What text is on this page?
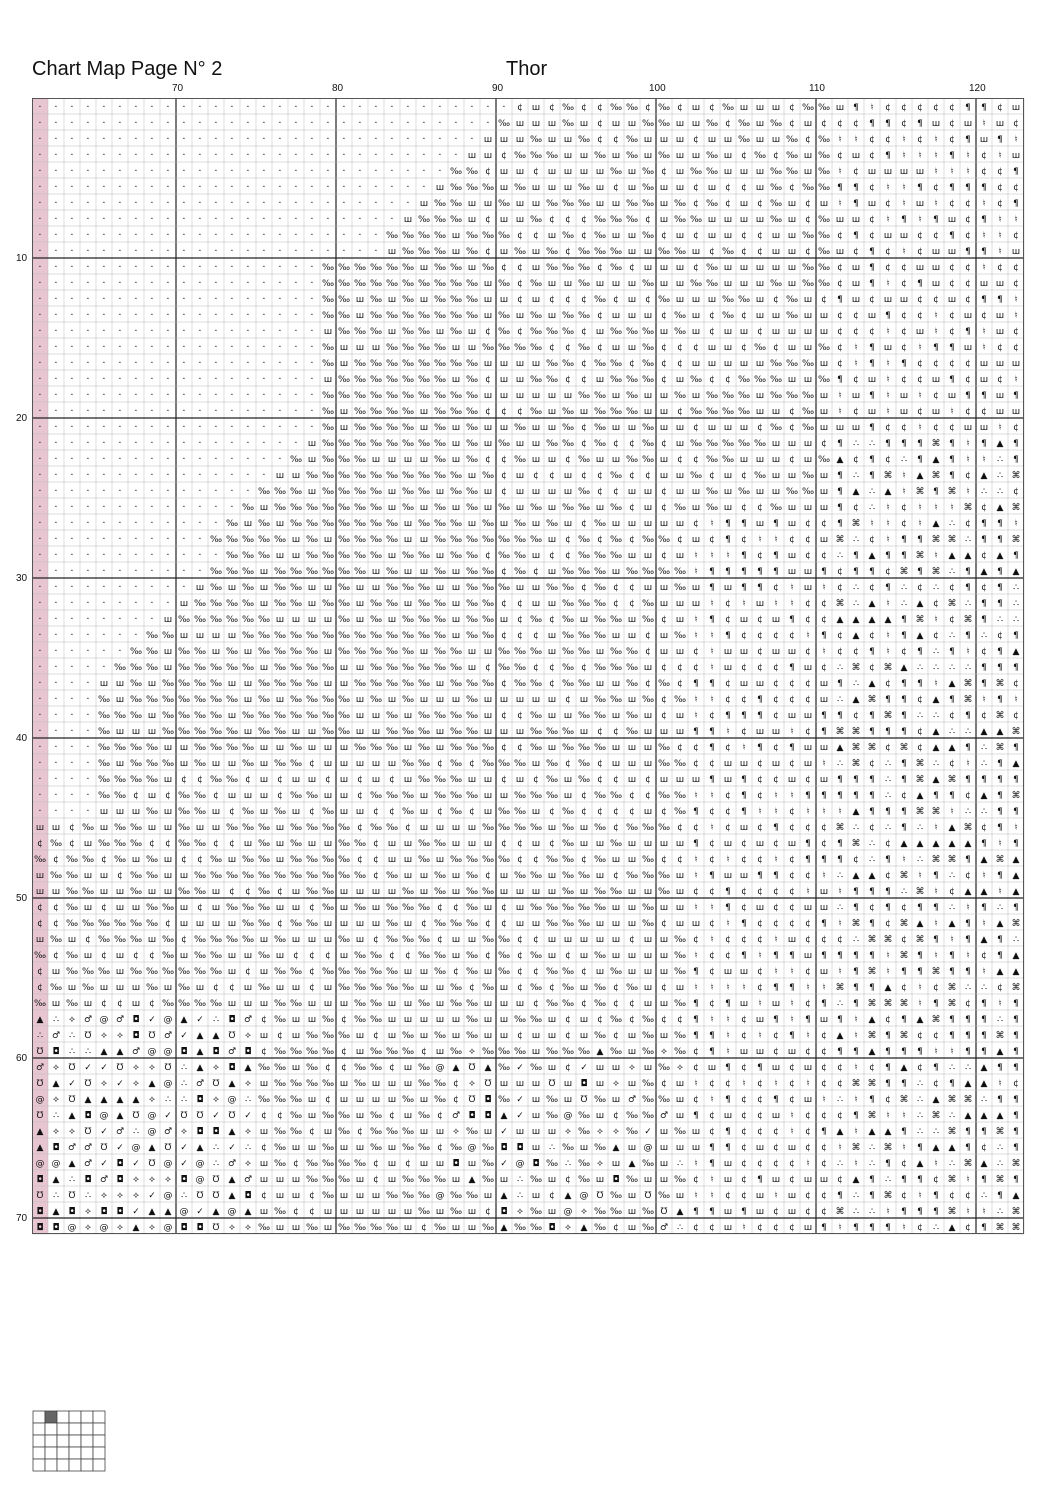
Chart Map Page N° 2	Thor
70	80	90	100	110	120
10
20
30
40
50
60
70
· · · · · · · · · · · · · · · · · · · · · · · · · · · · · · ¢ ш ¢ ‰ ¢ ¢ ‰ ‰ ¢ ‰ ¢ ш ¢ ‰ ш ш ш ¢ ‰ ‰ ш ¶ ♮ ¢ ¢ ¢ ¢ ¢ ¶ ¶ ¢ ш
· · · · · · · · · · · · · · · · · · · · · · · · · · · · · ‰ ш ш ш ‰ ш ¢ ш ш ‰ ‰ ш ш ‰ ¢ ‰ ш ‰ ¢ ш ¢ ¢ ¢ ¶ ¶ ¢ ¶ ш ¢ ш ♮ ш ¢
· · · · · · · · · · · · · · · · · · · · · · · · · · · · ш ш ш ‰ ш ш ‰ ¢ ¢ ‰ ш ш ш ¢ ш ш ‰ ш ш ‰ ¢ ‰ ♮ ♮ ¢ ¢ ♮ ¢ ♮ ¢ ¶ ш ¶ ♮
· · · · · · · · · · · · · · · · · · · · · · · · · · · ш ш ¢ ‰ ‰ ‰ ш ш ‰ ш ‰ ш ‰ ш ш ‰ ш ¢ ‰ ¢ ‰ ш ‰ ¢ ш ¢ ¶ ♮ ♮ ♮ ¶ ♮ ¢ ♮ ш
· · · · · · · · · · · · · · · · · · · · · · · · · · ‰ ‰ ¢ ш ш ¢ ш ш ш ш ‰ ш ‰ ¢ ш ‰ ‰ ш ш ш ‰ ‰ ш ‰ ♮ ¢ ш ш ш ш ♮ ♮ ♮ ¢ ¢ ¶
· · · · · · · · · · · · · · · · · · · · · · · · · ш ‰ ‰ ‰ ш ‰ ш ш ш ‰ ш ¢ ш ‰ ш ш ¢ ш ¢ ¢ ш ‰ ¢ ‰ ‰ ¶ ¶ ¢ ♮ ♮ ¶ ¢ ¶ ¶ ¶ ¢ ¢
· · · · · · · · · · · · · · · · · · · · · · · · ш ‰ ‰ ш ш ‰ ш ш ‰ ‰ ‰ ш ш ‰ ‰ ш ‰ ¢ ‰ ¢ ш ¢ ‰ ш ¢ ш ♮ ¶ ш ¢ ♮ ш ♮ ¢ ¢ ♮ ¢ ¶
· · · · · · · · · · · · · · · · · · · · · · · ш ‰ ‰ ‰ ш ¢ ш ш ‰ ¢ ¢ ¢ ‰ ‰ ‰ ¢ ш ‰ ‰ ш ш ш ш ‰ ш ¢ ‰ ш ш ¢ ♮ ¶ ♮ ¶ ш ¢ ¶ ♮ ♮
· · · · · · · · · · · · · · · · · · · · · · ‰ ‰ ‰ ‰ ш ‰ ‰ ‰ ¢ ¢ ш ‰ ¢ ‰ ш ш ‰ ¢ ш ¢ ш ш ¢ ¢ ш ш ‰ ‰ ¢ ¶ ¢ ш ш ¢ ¢ ¶ ¢ ♮ ♮ ¢
· · · · · · · · · · · · · · · · · · · · · · ш ‰ ‰ ‰ ш ‰ ¢ ш ‰ ш ‰ ¢ ‰ ‰ ‰ ш ш ‰ ‰ ш ¢ ‰ ¢ ¢ ш ш ¢ ‰ ш ¢ ¶ ¢ ♮ ¢ ш ш ¶ ¶ ♮ ш
· · · · · · · · · · · · · · · · · · ‰ ‰ ‰ ‰ ‰ ‰ ш ‰ ‰ ш ‰ ¢ ¢ ш ‰ ‰ ‰ ¢ ‰ ¢ ш ш ш ¢ ‰ ш ш ш ш ш ‰ ‰ ¢ ш ¶ ¢ ¢ ш ш ¢ ¢ ♮ ¢ ¢
· · · · · · · · · · · · · · · · · · ‰ ‰ ‰ ‰ ‰ ‰ ‰ ‰ ‰ ‰ ш ‰ ¢ ‰ ш ш ‰ ш ш ш ‰ ш ш ‰ ‰ ш ш ш ‰ ш ‰ ‰ ¢ ш ¶ ♮ ¢ ¶ ш ¢ ¢ ш ш ¢
· · · · · · · · · · · · · · · · · · ‰ ‰ ш ‰ ш ‰ ш ‰ ‰ ‰ ш ш ¢ ш ¢ ¢ ¢ ‰ ¢ ш ¢ ‰ ш ш ш ‰ ‰ ш ¢ ‰ ш ¢ ¶ ш ¢ ш ш ¢ ¢ ш ¢ ¶ ¶ ♮
· · · · · · · · · · · · · · · · · · ‰ ‰ ш ‰ ‰ ‰ ‰ ‰ ‰ ‰ ш ‰ ш ‰ ш ‰ ‰ ¢ ш ш ш ¢ ‰ ш ¢ ‰ ¢ ш ш ‰ ш ш ¢ ¢ ш ¶ ¢ ¢ ♮ ¢ ш ¢ ш ♮
· · · · · · · · · · · · · · · · · · ш ‰ ‰ ‰ ш ‰ ‰ ш ‰ ш ¢ ‰ ¢ ‰ ‰ ‰ ¢ ш ‰ ‰ ‰ ш ‰ ш ¢ ш ш ¢ ш ш ш ш ¢ ¢ ¢ ♮ ¢ ш ♮ ¢ ¶ ♮ ш ¢
· · · · · · · · · · · · · · · · · · ‰ ш ш ш ‰ ‰ ‰ ‰ ш ш ‰ ‰ ‰ ‰ ¢ ¢ ‰ ¢ ш ш ‰ ¢ ¢ ¢ ш ш ¢ ‰ ¢ ш ш ‰ ¢ ♮ ¶ ш ¢ ♮ ¶ ¶ ш ♮ ¢ ¢
· · · · · · · · · · · · · · · · · · ‰ ш ‰ ‰ ‰ ‰ ‰ ‰ ‰ ‰ ш ш ш ш ‰ ‰ ¢ ‰ ‰ ¢ ‰ ¢ ¢ ш ш ш ш ш ‰ ‰ ‰ ш ¢ ♮ ¶ ♮ ¶ ¢ ¢ ¢ ¢ ш ш ш
· · · · · · · · · · · · · · · · · · ш ‰ ‰ ‰ ‰ ‰ ‰ ‰ ш ‰ ¢ ш ш ‰ ‰ ¢ ¢ ш ‰ ‰ ‰ ¢ ш ‰ ¢ ¢ ‰ ‰ ‰ ш ш ‰ ¶ ¢ ш ♮ ¢ ¢ ш ¶ ¢ ш ¢ ♮
· · · · · · · · · · · · · · · · · · ‰ ‰ ‰ ‰ ‰ ‰ ‰ ‰ ‰ ‰ ш ш ш ш ш ш ‰ ‰ ш ‰ ш ш ‰ ш ‰ ‰ ‰ ш ‰ ‰ ‰ ш ♮ ш ¶ ♮ ш ♮ ¢ ш ¶ ¶ ш ¶
· · · · · · · · · · · · · · · · · · ‰ ш ‰ ‰ ‰ ‰ ш ‰ ‰ ‰ ¢ ¢ ¢ ‰ ш ‰ ш ‰ ‰ ‰ ш ш ¢ ‰ ‰ ‰ ‰ ш ш ¢ ‰ ш ♮ ¢ ш ♮ ш ¢ ш ♮ ¢ ¢ ш ш
· · · · · · · · · · · · · · · · · · ‰ ш ‰ ‰ ‰ ‰ ш ‰ ш ‰ ш ш ‰ ш ш ‰ ¢ ‰ ш ш ‰ ш ш ¢ ш ш ш ¢ ‰ ¢ ‰ ш ш ш ¶ ¢ ¢ ♮ ¢ ¢ ш ш ♮ ¢
· · · · · · · · · · · · · · · · · ш ‰ ‰ ‰ ‰ ‰ ‰ ‰ ‰ ш ‰ ш ‰ ш ш ‰ ‰ ¢ ‰ ¢ ¢ ‰ ¢ ш ‰ ‰ ‰ ‰ ‰ ш ш ш ¢ ¶ ∴ ∴ ¶ ¶ ¶ ⌘ ¶ ♮ ¶ ▲ ¶
· · · · · · · · · · · · · · · · ‰ ш ‰ ‰ ‰ ш ш ш ш ‰ ш ‰ ¢ ¢ ‰ ш ш ¢ ‰ ш ш ‰ ‰ ш ¢ ¢ ‰ ‰ ш ш ш ¢ ш ‰ ▲ ¢ ¶ ¢ ∴ ¶ ▲ ¶ ♮ ♮ ∴ ¶
· · · · · · · · · · · · · · · ш ш ‰ ‰ ‰ ‰ ‰ ‰ ‰ ‰ ‰ ‰ ш ‰ ¢ ш ¢ ¢ ш ¢ ¢ ‰ ¢ ¢ ш ш ‰ ¢ ш ¢ ‰ ш ш ‰ ш ¶ ∴ ¶ ⌘ ♮ ▲ ⌘ ¶ ¢ ▲ ∴ ⌘
· · · · · · · · · · · · · · ‰ ‰ ‰ ш ‰ ‰ ‰ ‰ ш ‰ ‰ ш ‰ ‰ ш ¢ ш ш ш ш ‰ ¢ ¢ ш ш ¢ ш ш ‰ ш ‰ ш ш ‰ ‰ ш ¶ ▲ ∴ ▲ ♮ ⌘ ¶ ⌘ ♮ ∴ ∴ ¢
· · · · · · · · · · · · · ‰ ш ‰ ‰ ‰ ‰ ‰ ‰ ‰ ш ‰ ш ‰ ш ‰ ш ‰ ш ‰ ш ‰ ‰ ш ‰ ¢ ш ¢ ‰ ш ‰ ш ¢ ¢ ‰ ш ш ш ¶ ¢ ∴ ♮ ¢ ♮ ♮ ♮ ⌘ ¢ ▲ ⌘
· · · · · · · · · · · · ‰ ш ‰ ш ‰ ‰ ‰ ‰ ‰ ‰ ‰ ш ‰ ‰ ‰ ш ‰ ш ‰ ш ‰ ш ¢ ‰ ш ш ш ш ш ¢ ♮ ¶ ¶ ш ¶ ш ¢ ¢ ¶ ⌘ ♮ ♮ ¢ ♮ ▲ ∴ ¢ ¶ ¶ ♮
· · · · · · · · · · · ‰ ‰ ‰ ‰ ‰ ш ‰ ш ‰ ‰ ‰ ‰ ш ш ‰ ‰ ‰ ‰ ‰ ‰ ‰ ш ¢ ‰ ¢ ‰ ¢ ‰ ‰ ¢ ш ¢ ¶ ¢ ♮ ♮ ¢ ¢ ш ⌘ ∴ ¢ ♮ ¶ ¶ ⌘ ⌘ ∴ ¶ ¶ ⌘
· · · · · · · · · · · · ‰ ‰ ‰ ш ш ‰ ‰ ‰ ‰ ‰ ш ‰ ‰ ш ‰ ‰ ¢ ‰ ‰ ш ¢ ¢ ‰ ‰ ‰ ш ш ¢ ш ♮ ♮ ♮ ¶ ¢ ¶ ш ¢ ¢ ∴ ¶ ▲ ¶ ¶ ⌘ ♮ ▲ ▲ ¢ ▲ ¶
· · · · · · · · · · · ‰ ‰ ‰ ш ‰ ‰ ‰ ‰ ‰ ‰ ш ‰ ш ш ‰ ш ‰ ‰ ¢ ‰ ¢ ш ‰ ‰ ‰ ш ‰ ‰ ‰ ‰ ♮ ¶ ¶ ¶ ¶ ¶ ш ш ¶ ¢ ¶ ¶ ¢ ⌘ ¶ ⌘ ∴ ¶ ▲ ¶ ▲
· · · · · · · · · · ш ‰ ш ‰ ш ‰ ‰ ш ш ‰ ш ш ‰ ‰ ‰ ш ш ‰ ‰ ‰ ш ш ‰ ‰ ¢ ‰ ¢ ¢ ш ш ‰ ш ¶ ш ¶ ¶ ¢ ♮ ш ♮ ¢ ∴ ¢ ¶ ∴ ¢ ∴ ¢ ¶ ¢ ¶ ∴
· · · · · · · · · ш ‰ ‰ ‰ ‰ ш ‰ ‰ ш ‰ ‰ ш ‰ ‰ ш ‰ ‰ ш ‰ ‰ ¢ ¢ ш ш ‰ ‰ ‰ ¢ ¢ ‰ ш ш ш ♮ ¢ ♮ ш ♮ ♮ ¢ ¢ ⌘ ∴ ▲ ♮ ∴ ▲ ¢ ⌘ ∴ ¶ ¶ ∴
· · · · · · · · ш ‰ ‰ ‰ ‰ ‰ ‰ ш ш ш ш ‰ ш ‰ ш ‰ ‰ ‰ ш ‰ ‰ ш ¢ ‰ ¢ ‰ ш ‰ ‰ ш ‰ ¢ ш ♮ ¶ ¢ ш ¢ ш ¶ ¢ ¢ ▲ ▲ ▲ ▲ ¶ ⌘ ♮ ¢ ⌘ ¶ ∴ ∴
· · · · · · · ‰ ‰ ш ш ш ш ‰ ‰ ‰ ‰ ‰ ‰ ‰ ‰ ‰ ‰ ‰ ‰ ‰ ш ‰ ‰ ¢ ¢ ¢ ш ‰ ‰ ‰ ш ш ¢ ш ‰ ♮ ♮ ¶ ¢ ¢ ¢ ¢ ♮ ¶ ¢ ▲ ¢ ♮ ¶ ▲ ¢ ∴ ¶ ∴ ¢ ¶
· · · · · · ‰ ‰ ш ‰ ‰ ш ‰ ш ‰ ‰ ‰ ‰ ш ‰ ‰ ‰ ‰ ‰ ш ‰ ‰ ш ш ‰ ‰ ‰ ш ‰ ‰ ш ‰ ‰ ¢ ш ш ¢ ♮ ш ш ¢ ш ш ¢ ♮ ¢ ¢ ¶ ♮ ¢ ¶ ∴ ¶ ♮ ¢ ¶ ▲
· · · · · ‰ ‰ ‰ ш ‰ ‰ ‰ ‰ ‰ ш ‰ ‰ ‰ ‰ ш ш ‰ ‰ ‰ ‰ ‰ ‰ ш ¢ ‰ ‰ ¢ ¢ ‰ ¢ ‰ ‰ ‰ ш ¢ ¢ ¢ ♮ ш ¢ ¢ ¢ ¶ ш ¢ ∴ ⌘ ¢ ⌘ ▲ ∴ ∴ ∴ ∴ ¶ ¶ ¶
· · · · ш ш ‰ ш ‰ ‰ ‰ ‰ ш ш ‰ ‰ ‰ ‰ ш ш ‰ ‰ ‰ ‰ ‰ ш ‰ ‰ ‰ ¢ ‰ ‰ ¢ ‰ ‰ ш ш ‰ ¢ ‰ ¢ ¶ ¶ ¢ ш ш ¢ ¢ ¢ ш ¶ ∴ ▲ ¢ ¶ ¶ ♮ ▲ ⌘ ¶ ⌘ ¢
· · · · ‰ ш ‰ ‰ ‰ ‰ ‰ ‰ ‰ ш ‰ ш ‰ ‰ ‰ ‰ ш ‰ ш ‰ ш ш ш ‰ ш ш ш ш ш ¢ ш ‰ ‰ ш ‰ ¢ ‰ ♮ ♮ ¢ ¢ ¶ ¢ ¢ ¢ ш ∴ ▲ ⌘ ¶ ¶ ¢ ▲ ¶ ⌘ ♮ ¶ ♮
· · · · ‰ ‰ ‰ ш ‰ ‰ ‰ ‰ ш ‰ ‰ ‰ ‰ ‰ ‰ ‰ ш ш ‰ ш ‰ ‰ ‰ ‰ ш ¢ ¢ ‰ ш ш ‰ ‰ ш ‰ ш ¢ ш ♮ ¢ ¶ ¶ ¶ ¢ ш ш ¶ ¶ ¢ ¶ ⌘ ¶ ∴ ∴ ¢ ¶ ¢ ⌘ ¢
· · · · ‰ ш ш ш ‰ ‰ ‰ ‰ ‰ ш ‰ ‰ ш ш ‰ ‰ ш ш ‰ ‰ ‰ ш ‰ ‰ ш ш ш ‰ ‰ ‰ ш ¢ ¢ ‰ ш ш ш ¶ ¶ ♮ ¢ ш ш ♮ ¢ ¶ ⌘ ⌘ ¶ ¶ ¶ ¢ ▲ ∴ ∴ ▲ ▲ ⌘
· · · · ‰ ‰ ‰ ‰ ш ш ‰ ‰ ‰ ‰ ш ш ‰ ш ш ш ‰ ‰ ‰ ш ‰ ш ‰ ‰ ‰ ¢ ¢ ‰ ш ‰ ‰ ‰ ш ш ш ‰ ¢ ¢ ¶ ¢ ♮ ¶ ¢ ¶ ш ш ▲ ⌘ ⌘ ¢ ⌘ ¢ ▲ ▲ ¶ ∴ ⌘ ¶
· · · · ‰ ш ‰ ‰ ‰ ш ‰ ш ш ‰ ш ‰ ‰ ¢ ш ш ш ш ш ‰ ‰ ¢ ‰ ¢ ‰ ‰ ‰ ш ‰ ¢ ‰ ¢ ш ш ш ‰ ‰ ¢ ¢ ш ш ¢ ш ¢ ш ♮ ∴ ⌘ ¢ ∴ ¶ ⌘ ∴ ¢ ♮ ∴ ¶ ▲
· · · · ‰ ‰ ‰ ‰ ш ¢ ¢ ‰ ‰ ¢ ш ¢ ш ш ¢ ш ¢ ш ¢ ш ‰ ‰ ‰ ш ш ¢ ш ¢ ‰ ш ‰ ¢ ¢ ш ¢ ш ш ш ¶ ш ¶ ¢ ¢ ш ¢ ш ¶ ¶ ¶ ∴ ¶ ⌘ ▲ ⌘ ¶ ¶ ¶ ¶
· · · · ‰ ‰ ¢ ш ¢ ‰ ‰ ¢ ш ш ш ¢ ‰ ‰ ш ш ¢ ‰ ‰ ‰ ш ‰ ‰ ‰ ш ш ‰ ‰ ‰ ш ¢ ‰ ‰ ¢ ¢ ‰ ‰ ♮ ♮ ¢ ¶ ¢ ♮ ♮ ¶ ¶ ¶ ¶ ¶ ∴ ¢ ▲ ¶ ¶ ¢ ▲ ¶ ⌘
· · · · ш ш ш ‰ ш ‰ ‰ ш ¢ ‰ ш ‰ ш ¢ ‰ ш ш ¢ ¢ ‰ ш ¢ ‰ ¢ ш ‰ ‰ ш ¢ ‰ ¢ ¢ ¢ ¢ ш ¢ ‰ ¶ ¢ ¢ ¶ ♮ ♮ ¢ ♮ ♮ ♮ ▲ ¶ ¶ ¶ ⌘ ⌘ ♮ ∴ ∴ ¶ ¶
ш ш ¢ ‰ ш ‰ ‰ ш ш ‰ ш ш ‰ ‰ ‰ ш ‰ ‰ ‰ ‰ ¢ ‰ ‰ ¢ ш ш ш ш ‰ ‰ ‰ ‰ ш ‰ ш ‰ ¢ ‰ ‰ ‰ ¢ ¢ ♮ ¢ ш ¢ ¶ ¢ ¢ ¢ ⌘ ∴ ¢ ∴ ¶ ∴ ♮ ▲ ⌘ ¢ ¶ ♮
¢ ‰ ¢ ш ‰ ‰ ‰ ¢ ¢ ‰ ‰ ¢ ¢ ш ‰ ш ‰ ш ш ‰ ‰ ¢ ш ш ‰ ‰ ш ш ш ¢ ¢ ш ¢ ‰ ш ш ‰ ш ш ш ш ¶ ¢ ш ¢ ш ¢ ш ¶ ¢ ¶ ⌘ ∴ ¢ ▲ ▲ ▲ ▲ ▲ ¶ ♮ ¶
‰ ¢ ‰ ‰ ¢ ‰ ш ‰ ш ¢ ¢ ‰ ш ‰ ‰ ш ‰ ‰ ‰ ‰ ¢ ¢ ш ш ‰ ш ‰ ‰ ‰ ‰ ¢ ¢ ‰ ‰ ¢ ‰ ш ш ‰ ¢ ¢ ♮ ¢ ♮ ¢ ¢ ♮ ¢ ¶ ¶ ¶ ¢ ∴ ¶ ♮ ∴ ⌘ ⌘ ¶ ▲ ⌘ ▲
ш ‰ ‰ ш ш ¢ ‰ ‰ ш ш ‰ ‰ ‰ ‰ ‰ ‰ ‰ ‰ ‰ ‰ ‰ ¢ ‰ ш ш ‰ ш ‰ ¢ ш ‰ ‰ ш ‰ ‰ ш ¢ ‰ ‰ ‰ ш ♮ ¶ ш ш ¶ ¶ ¢ ¢ ♮ ∴ ▲ ▲ ¢ ⌘ ♮ ¶ ∴ ¢ ♮ ¶ ▲
ш ш ‰ ‰ ш ш ‰ ш ш ‰ ‰ ш ¢ ¢ ‰ ¢ ш ‰ ‰ ш ш ш ш ‰ ш ‰ ш ‰ ‰ ш ш ш ш ‰ ш ‰ ‰ ш ш ‰ ш ¢ ¢ ¶ ¢ ¢ ¢ ¢ ♮ ш ♮ ¶ ¶ ¶ ∴ ⌘ ♮ ¢ ▲ ▲ ♮ ▲
¢ ¢ ‰ ш ¢ ш ш ‰ ‰ ш ¢ ш ‰ ‰ ‰ ш ш ¢ ‰ ш ‰ ш ‰ ‰ ‰ ¢ ¢ ‰ ш ¢ ш ‰ ‰ ‰ ‰ ‰ ш ш ‰ ш ш ♮ ♮ ¶ ¢ ш ¢ ¢ ш ш ∴ ¶ ¢ ¶ ¢ ¶ ¶ ∴ ♮ ¶ ∴ ¶
¢ ¢ ‰ ‰ ‰ ‰ ‰ ‰ ¢ ш ш ш ш ‰ ‰ ¢ ‰ ‰ ш ш ш ш ‰ ш ¢ ‰ ‰ ‰ ¢ ¢ ш ш ‰ ‰ ‰ ш ш ш ‰ ¢ ш ш ¢ ♮ ¶ ¢ ¢ ¢ ¢ ¶ ♮ ⌘ ¶ ¢ ⌘ ▲ ♮ ▲ ¶ ♮ ▲ ⌘
ш ‰ ш ¢ ‰ ‰ ‰ ш ‰ ¢ ‰ ‰ ‰ ‰ ш ‰ ш ш ш ‰ ш ¢ ‰ ‰ ‰ ¢ ш ш ‰ ‰ ¢ ¢ ш ш ш ш ш ¢ ш ш ‰ ¢ ♮ ¢ ¢ ¢ ♮ ш ¢ ¢ ¢ ∴ ⌘ ⌘ ¢ ⌘ ¶ ♮ ¶ ▲ ¶ ∴
‰ ¢ ‰ ш ¢ ш ¢ ¢ ‰ ш ‰ ‰ ш ш ‰ ш ¢ ¢ ¢ ш ‰ ‰ ¢ ¢ ‰ ‰ ш ‰ ¢ ‰ ¢ ‰ ш ¢ ш ‰ ш ш ш ш ‰ ♮ ¢ ¢ ¶ ♮ ¶ ¶ ш ¶ ¶ ¶ ¶ ♮ ⌘ ¶ ♮ ¶ ♮ ¢ ¶ ▲
¢ ш ‰ ‰ ‰ ш ‰ ‰ ‰ ‰ ‰ ‰ ш ¢ ш ‰ ‰ ¢ ‰ ‰ ‰ ‰ ‰ ш ш ‰ ¢ ‰ ш ‰ ¢ ¢ ‰ ‰ ¢ ш ‰ ш ш ш ‰ ¶ ¢ ш ш ¢ ♮ ♮ ¢ ш ♮ ¶ ⌘ ♮ ¶ ¶ ⌘ ¶ ¶ ♮ ▲ ▲
¢ ‰ ш ‰ ш ш ш ‰ ш ‰ ш ¢ ¢ ш ‰ ш ш ¢ ш ‰ ‰ ‰ ‰ ‰ ш ш ‰ ¢ ‰ ш ¢ ‰ ¢ ‰ ш ‰ ¢ ‰ ш ¢ ш ♮ ♮ ♮ ♮ ¢ ¶ ¶ ♮ ♮ ⌘ ¶ ¶ ▲ ¢ ♮ ¢ ⌘ ∴ ∴ ¢ ⌘
‰ ш ‰ ш ¢ ¢ ш ¢ ‰ ‰ ‰ ‰ ш ш ш ‰ ‰ ш ш ш ‰ ‰ ш ш ‰ ш ‰ ‰ ш ш ш ¢ ‰ ‰ ¢ ‰ ¢ ¢ ш ш ‰ ¶ ¢ ¶ ш ♮ ш ♮ ¢ ¶ ∴ ¶ ⌘ ⌘ ⌘ ♮ ¶ ⌘ ¢ ¶ ♮ ¶
▲ ∴ ⟡ ♂ @ ♂ ◘ ✓ @ ▲ ✓ ∴ ◘ ♂ ¢ ‰ ш ш ‰ ¢ ‰ ‰ ш ш ш ш ш ‰ ш ш ‰ ‰ ш ¢ ш ¢ ‰ ¢ ‰ ¢ ¢ ¶ ♮ ♮ ¢ ш ¶ ♮ ¶ ш ¶ ♮ ▲ ¢ ¶ ▲ ⌘ ¶ ¶ ¶ ∴ ¶
∴ ♂ ∴ ℧ ⟡ ⟡ ◘ ℧ ♂ ✓ ▲ ▲ ℧ ⟡ ш ¢ ш ‰ ‰ ‰ ш ¢ ш ‰ ш ‰ ш ‰ ш ш ¢ ш ш ¢ ш ‰ ¢ ш ‰ ш ‰ ¶ ¶ ♮ ¢ ♮ ¢ ¶ ♮ ¢ ▲ ♮ ⌘ ¶ ⌘ ¢ ¢ ¶ ¶ ¶ ⌘ ¶
℧ ◘ ∴ ∴ ▲ ▲ ♂ @ @ ◘ ▲ ◘ ♂ ◘ ¢ ‰ ‰ ‰ ‰ ¢ ш ‰ ‰ ‰ ¢ ш ‰ ⟡ ‰ ‰ ‰ ш ‰ ‰ ‰ ▲ ‰ ш ‰ ⟡ ‰ ¢ ¶ ♮ ш ш ¢ ш ¢ ¢ ¶ ¶ ▲ ¶ ¶ ¶ ♮ ♮ ¶ ¶ ▲ ¶
♂ ⟡ ℧ ✓ ✓ ℧ ⟡ ⟡ ℧ ∴ ▲ ⟡ ◘ ▲ ‰ ‰ ш ‰ ¢ ¢ ‰ ‰ ¢ ш ‰ @ ▲ ℧ ▲ ‰ ✓ ‰ ш ¢ ✓ ш ш ⟡ ш ‰ ⟡ ¢ ш ¶ ¢ ¶ ш ¢ ш ¢ ¢ ♮ ¢ ¶ ▲ ¢ ¶ ∴ ∴ ▲ ¶ ¶
℧ ▲ ✓ ℧ ⟡ ✓ ⟡ ▲ @ ∴ ♂ ℧ ▲ ⟡ ш ‰ ‰ ‰ ‰ ш ‰ ш ш ш ‰ ‰ ¢ ⟡ ℧ ш ш ш ℧ ш ◘ ш ⟡ ш ‰ ¢ ш ♮ ¢ ¢ ♮ ¢ ♮ ¢ ♮ ¢ ¢ ⌘ ⌘ ¶ ¶ ∴ ¢ ¶ ▲ ▲ ♮ ¢
@ ⟡ ℧ ▲ ▲ ▲ ▲ ⟡ ∴ ∴ ◘ ⟡ @ ∴ ‰ ‰ ‰ ш ¢ ш ш ш ш ‰ ш ‰ ¢ ℧ ◘ ‰ ✓ ш ‰ ш ℧ ‰ ш ♂ ‰ ‰ ш ¢ ♮ ¶ ¢ ¢ ¶ ¢ ш ♮ ∴ ♮ ¶ ¢ ⌘ ∴ ▲ ⌘ ⌘ ∴ ¶ ¶
℧ ∴ ▲ ◘ @ ▲ ℧ @ ✓ ℧ ℧ ✓ ℧ ✓ ¢ ¢ ‰ ш ‰ ‰ ш ‰ ¢ ш ‰ ¢ ♂ ◘ ◘ ▲ ✓ ш ‰ @ ‰ ш ¢ ‰ ‰ ♂ ш ¶ ¢ ш ¢ ¢ ш ♮ ¢ ¢ ¢ ¶ ⌘ ♮ ♮ ∴ ⌘ ∴ ▲ ▲ ▲ ¶
▲ ⟡ ⟡ ℧ ✓ ♂ ∴ @ ♂ ⟡ ◘ ◘ ▲ ⟡ ш ‰ ‰ ¢ ш ‰ ¢ ‰ ‰ ‰ ш ш ⟡ ‰ ш ✓ ш ш ш ⟡ ‰ ⟡ ⟡ ‰ ✓ ш ‰ ш ¢ ¶ ¢ ¢ ¢ ♮ ¢ ¶ ▲ ♮ ▲ ▲ ¶ ∴ ∴ ⌘ ¶ ¶ ⌘ ¶
▲ ◘ ♂ ♂ ℧ ✓ @ ▲ ℧ ✓ ▲ ∴ ✓ ∴ ¢ ‰ ш ш ‰ ш ш ‰ ш ‰ ‰ ¢ ‰ @ ‰ ◘ ◘ ш ∴ ‰ ш ‰ ▲ ш @ ш ш ш ¶ ¶ ¢ ш ¢ ш ¢ ¢ ♮ ⌘ ∴ ⌘ ♮ ¶ ▲ ▲ ¶ ¢ ∴ ¶
@ @ ▲ ♂ ✓ ◘ ✓ ℧ @ ✓ @ ∴ ♂ ⟡ ш ‰ ¢ ‰ ‰ ‰ ‰ ¢ ш ¢ ш ш ◘ ш ‰ ✓ @ ◘ ‰ ∴ ‰ ⟡ ш ▲ ‰ ш ∴ ♮ ¶ ш ¢ ¢ ¢ ¢ ♮ ¢ ∴ ♮ ∴ ¶ ¢ ▲ ♮ ∴ ⌘ ▲ ∴ ⌘
◘ ▲ ∴ ◘ ♂ ◘ ⟡ ⟡ ⟡ ◘ @ ℧ ▲ ♂ ш ш ш ‰ ‰ ‰ ш ¢ ш ‰ ‰ ‰ ш ▲ ‰ ш ∴ ‰ ш ¢ ‰ ш ◘ ‰ ш ш ‰ ¢ ♮ ш ¢ ¶ ш ¢ ш ш ¢ ▲ ¶ ∴ ¶ ¶ ¢ ⌘ ♮ ¶ ⌘ ¶
℧ ∴ ℧ ∴ ⟡ ⟡ ⟡ ✓ @ ∴ ℧ ℧ ▲ ◘ ¢ ш ш ¢ ‰ ш ш ш ‰ ‰ ‰ @ ‰ ‰ ш ▲ ∴ ш ¢ ▲ @ ℧ ‰ ш ℧ ‰ ш ♮ ♮ ¢ ¢ ш ♮ ш ¢ ¢ ¶ ∴ ¶ ⌘ ¢ ♮ ¶ ¢ ¢ ∴ ¶ ▲
◘ ▲ ◘ ⟡ ◘ ◘ ✓ ▲ ▲ @ ✓ ▲ @ ▲ ш ‰ ¢ ¢ ш ш ш ш ш ш ‰ ш ‰ ш ¢ ◘ ⟡ ‰ ш @ ⟡ ‰ ‰ ш ‰ ℧ ▲ ¶ ¶ ш ¶ ш ¢ ш ¢ ¢ ⌘ ∴ ∴ ♮ ¶ ¶ ¶ ⌘ ♮ ♮ ∴ ⌘
◘ ◘ @ ⟡ @ ⟡ ▲ ⟡ @ ◘ ◘ ℧ ⟡ ⟡ ‰ ш ш ‰ ш ‰ ‰ ‰ ‰ ш ¢ ‰ ш ш ‰ ▲ ‰ ‰ ◘ ⟡ ▲ ‰ ¢ ш ‰ ♂ ∴ ¢ ¢ ш ♮ ¢ ¢ ¢ ш ¶ ♮ ¶ ¶ ¶ ♮ ¢ ∴ ▲ ¢ ¶ ⌘ ⌘
